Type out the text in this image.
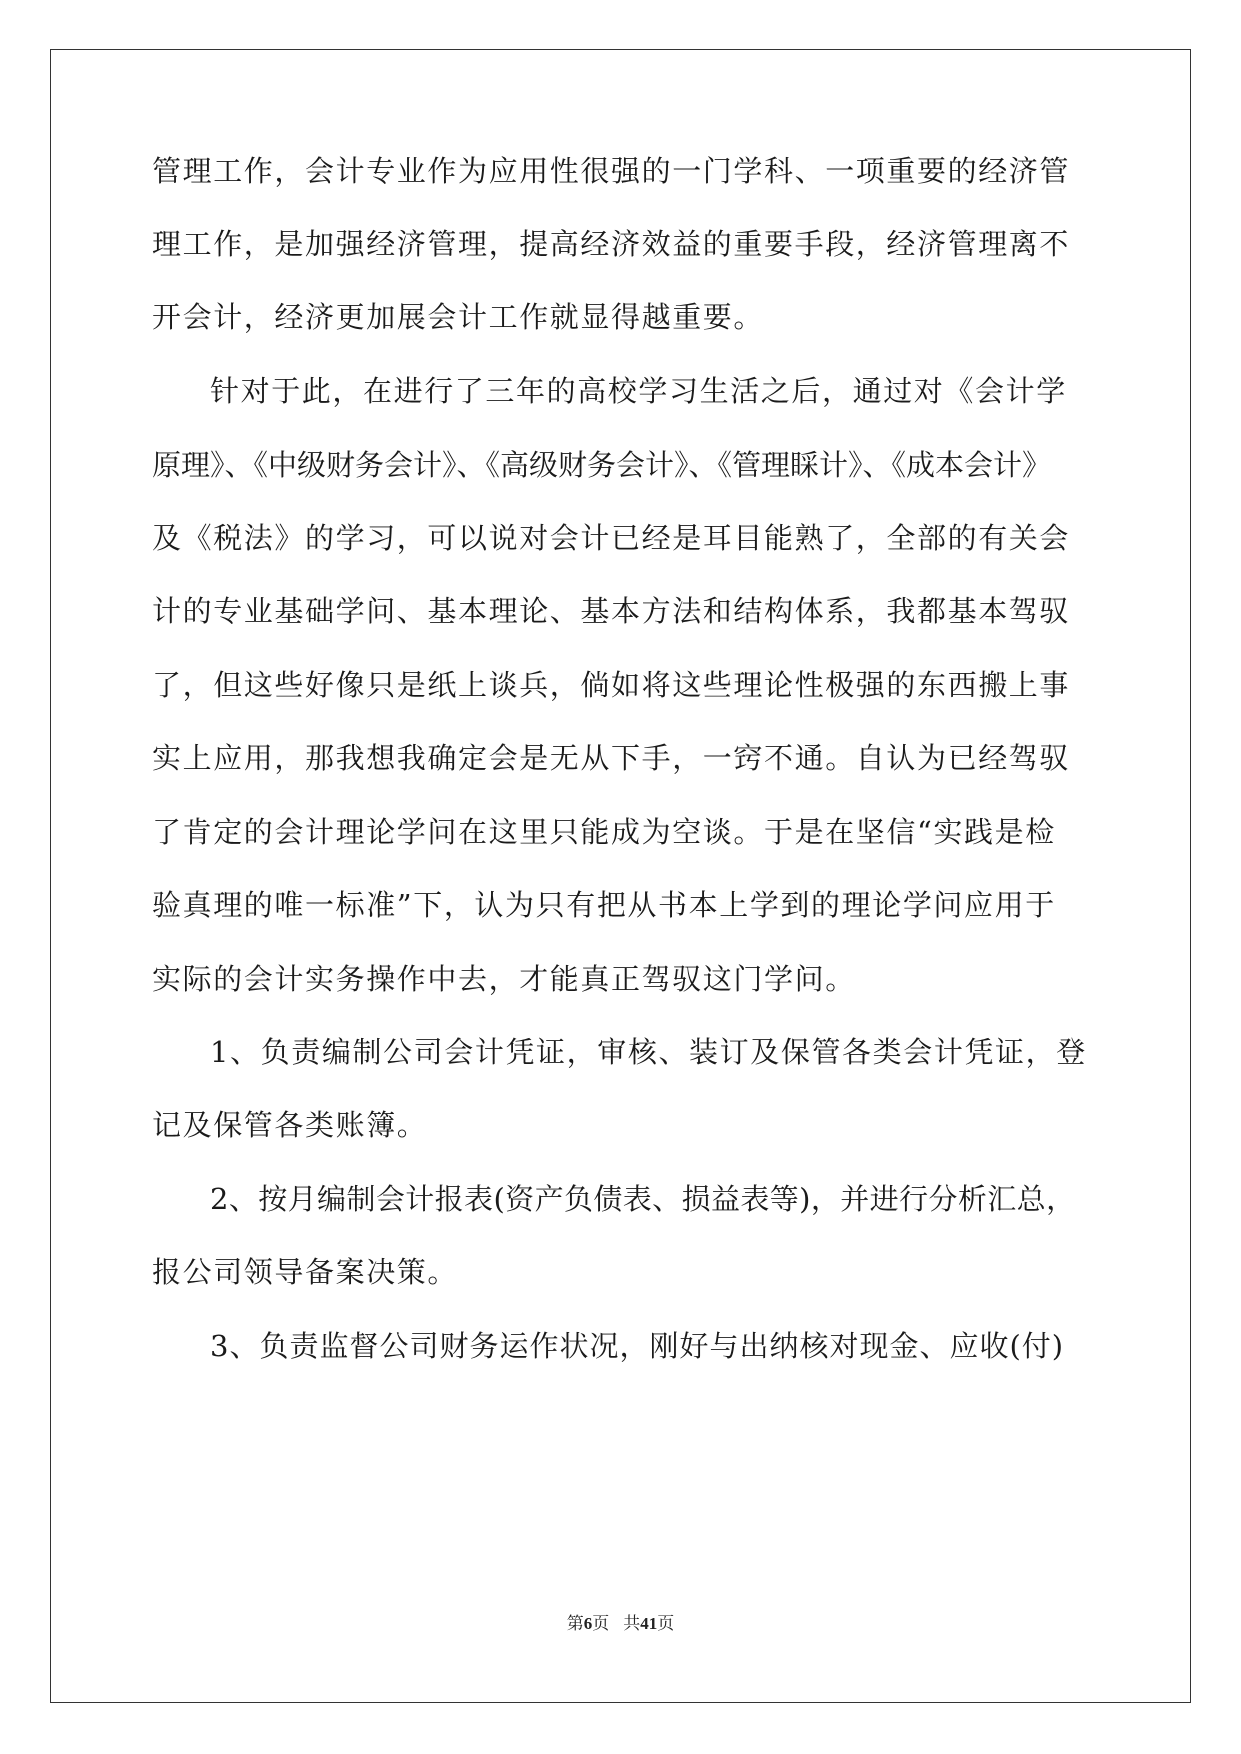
管理工作，会计专业作为应用性很强的一门学科、一项重要的经济管
理工作，是加强经济管理，提高经济效益的重要手段，经济管理离不
开会计，经济更加展会计工作就显得越重要。
针对于此，在进行了三年的高校学习生活之后，通过对《会计学
原理》、《中级财务会计》、《高级财务会计》、《管理睬计》、《成本会计》
及《税法》的学习，可以说对会计已经是耳目能熟了，全部的有关会
计的专业基础学问、基本理论、基本方法和结构体系，我都基本驾驭
了，但这些好像只是纸上谈兵，倘如将这些理论性极强的东西搬上事
实上应用，那我想我确定会是无从下手，一窍不通。自认为已经驾驭
了肯定的会计理论学问在这里只能成为空谈。于是在坚信“实践是检
验真理的唯一标准”下，认为只有把从书本上学到的理论学问应用于
实际的会计实务操作中去，才能真正驾驭这门学问。
1、负责编制公司会计凭证，审核、装订及保管各类会计凭证，登
记及保管各类账簿。
2、按月编制会计报表(资产负债表、损益表等)，并进行分析汇总，
报公司领导备案决策。
3、负责监督公司财务运作状况，刚好与出纳核对现金、应收(付)
第6页 共41页
